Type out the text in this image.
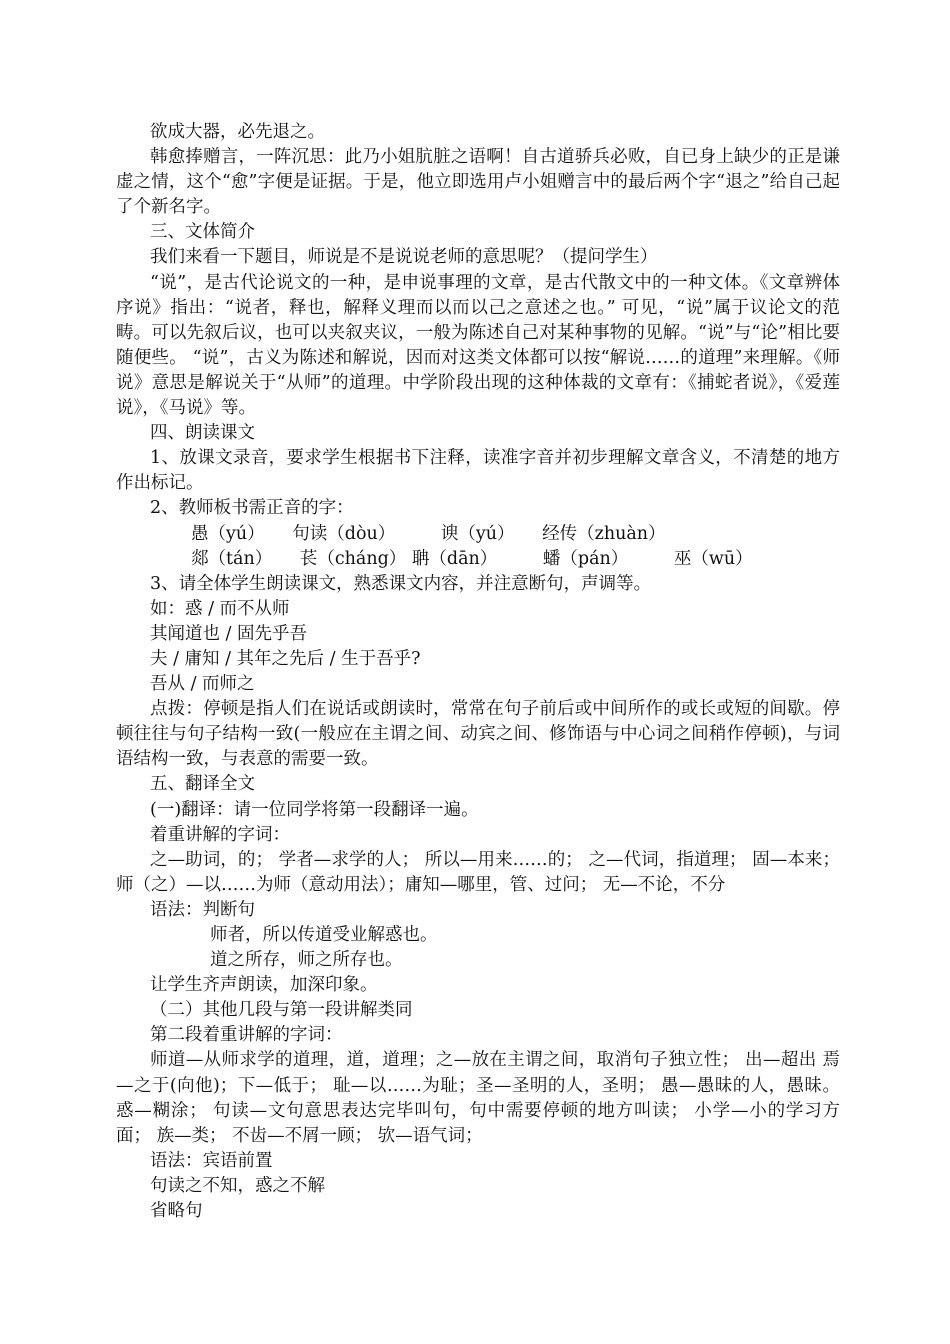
欲成大器，必先退之。

韩愈捧赠言，一阵沉思：此乃小姐肮脏之语啊！自古道骄兵必败，自已身上缺少的正是谦虚之情，这个“愈”字便是证据。于是，他立即选用卢小姐赠言中的最后两个字“退之”给自己起了个新名字。

三、文体简介

我们来看一下题目，师说是不是说说老师的意思呢？（提问学生）

“说”，是古代论说文的一种，是申说事理的文章，是古代散文中的一种文体。《文章辨体序说》指出：“说者，释也，解释义理而以而以己之意述之也。” 可见，“说”属于议论文的范畴。可以先叙后议，也可以夹叙夹议，一般为陈述自己对某种事物的见解。“说”与“论”相比要随便些。 “说”，古义为陈述和解说，因而对这类文体都可以按“解说……的道理”来理解。《师说》意思是解说关于“从师”的道理。中学阶段出现的这种体裁的文章有：《捕蛇者说》，《爱莲说》，《马说》等。

四、朗读课文

1、放课文录音，要求学生根据书下注释，读准字音并初步理解文章含义，不清楚的地方作出标记。

2、教师板书需正音的字：

愚（yú） 句读（dòu）	谀（yú） 经传（zhuàn）
郯（tán） 苌（cháng） 聃（dān）	蟠（pán）	巫（wū）

3、请全体学生朗读课文，熟悉课文内容，并注意断句，声调等。

如：惑 / 而不从师

其闻道也 / 固先乎吾

夫 / 庸知 / 其年之先后 / 生于吾乎?

吾从 / 而师之

点拨：停顿是指人们在说话或朗读时，常常在句子前后或中间所作的或长或短的间歇。停顿往往与句子结构一致(一般应在主谓之间、动宾之间、修饰语与中心词之间稍作停顿)，与词语结构一致，与表意的需要一致。

五、翻译全文

(一)翻译：请一位同学将第一段翻译一遍。

着重讲解的字词：

之—助词，的； 学者—求学的人； 所以—用来……的； 之—代词，指道理； 固—本来； 师（之）—以……为师（意动用法）；庸知—哪里，管、过问； 无—不论，不分

语法：判断句

师者，所以传道受业解惑也。

道之所存，师之所存也。

让学生齐声朗读，加深印象。

（二）其他几段与第一段讲解类同

第二段着重讲解的字词：

师道—从师求学的道理，道，道理；之—放在主谓之间，取消句子独立性； 出—超出 焉—之于(向他)；下—低于； 耻—以……为耻；圣—圣明的人，圣明； 愚—愚昧的人，愚昧。惑—糊涂； 句读—文句意思表达完毕叫句，句中需要停顿的地方叫读； 小学—小的学习方面； 族—类； 不齿—不屑一顾； 欤—语气词；

语法：宾语前置

句读之不知，惑之不解

省略句
